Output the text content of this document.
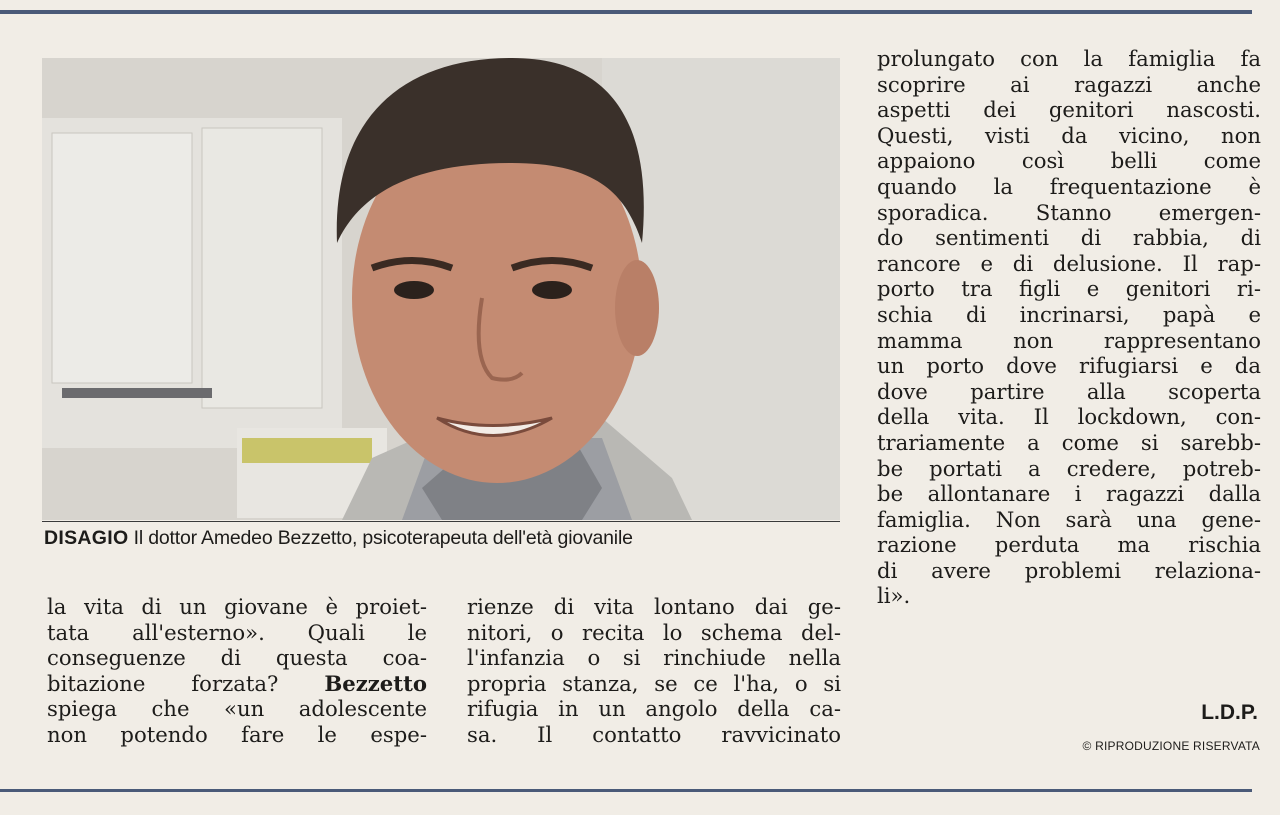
DISAGIO Il dottor Amedeo Bezzetto, psicoterapeuta dell'età giovanile
la vita di un giovane è proiet-
tata all'esterno». Quali le
conseguenze di questa coa-
bitazione forzata? Bezzetto
spiega che «un adolescente
non potendo fare le espe-
rienze di vita lontano dai ge-
nitori, o recita lo schema del-
l'infanzia o si rinchiude nella
propria stanza, se ce l'ha, o si
rifugia in un angolo della ca-
sa. Il contatto ravvicinato
prolungato con la famiglia fa
scoprire ai ragazzi anche
aspetti dei genitori nascosti.
Questi, visti da vicino, non
appaiono così belli come
quando la frequentazione è
sporadica. Stanno emergen-
do sentimenti di rabbia, di
rancore e di delusione. Il rap-
porto tra figli e genitori ri-
schia di incrinarsi, papà e
mamma non rappresentano
un porto dove rifugiarsi e da
dove partire alla scoperta
della vita. Il lockdown, con-
trariamente a come si sarebb-
be portati a credere, potreb-
be allontanare i ragazzi dalla
famiglia. Non sarà una gene-
razione perduta ma rischia
di avere problemi relaziona-
li».
L.D.P.
© RIPRODUZIONE RISERVATA
